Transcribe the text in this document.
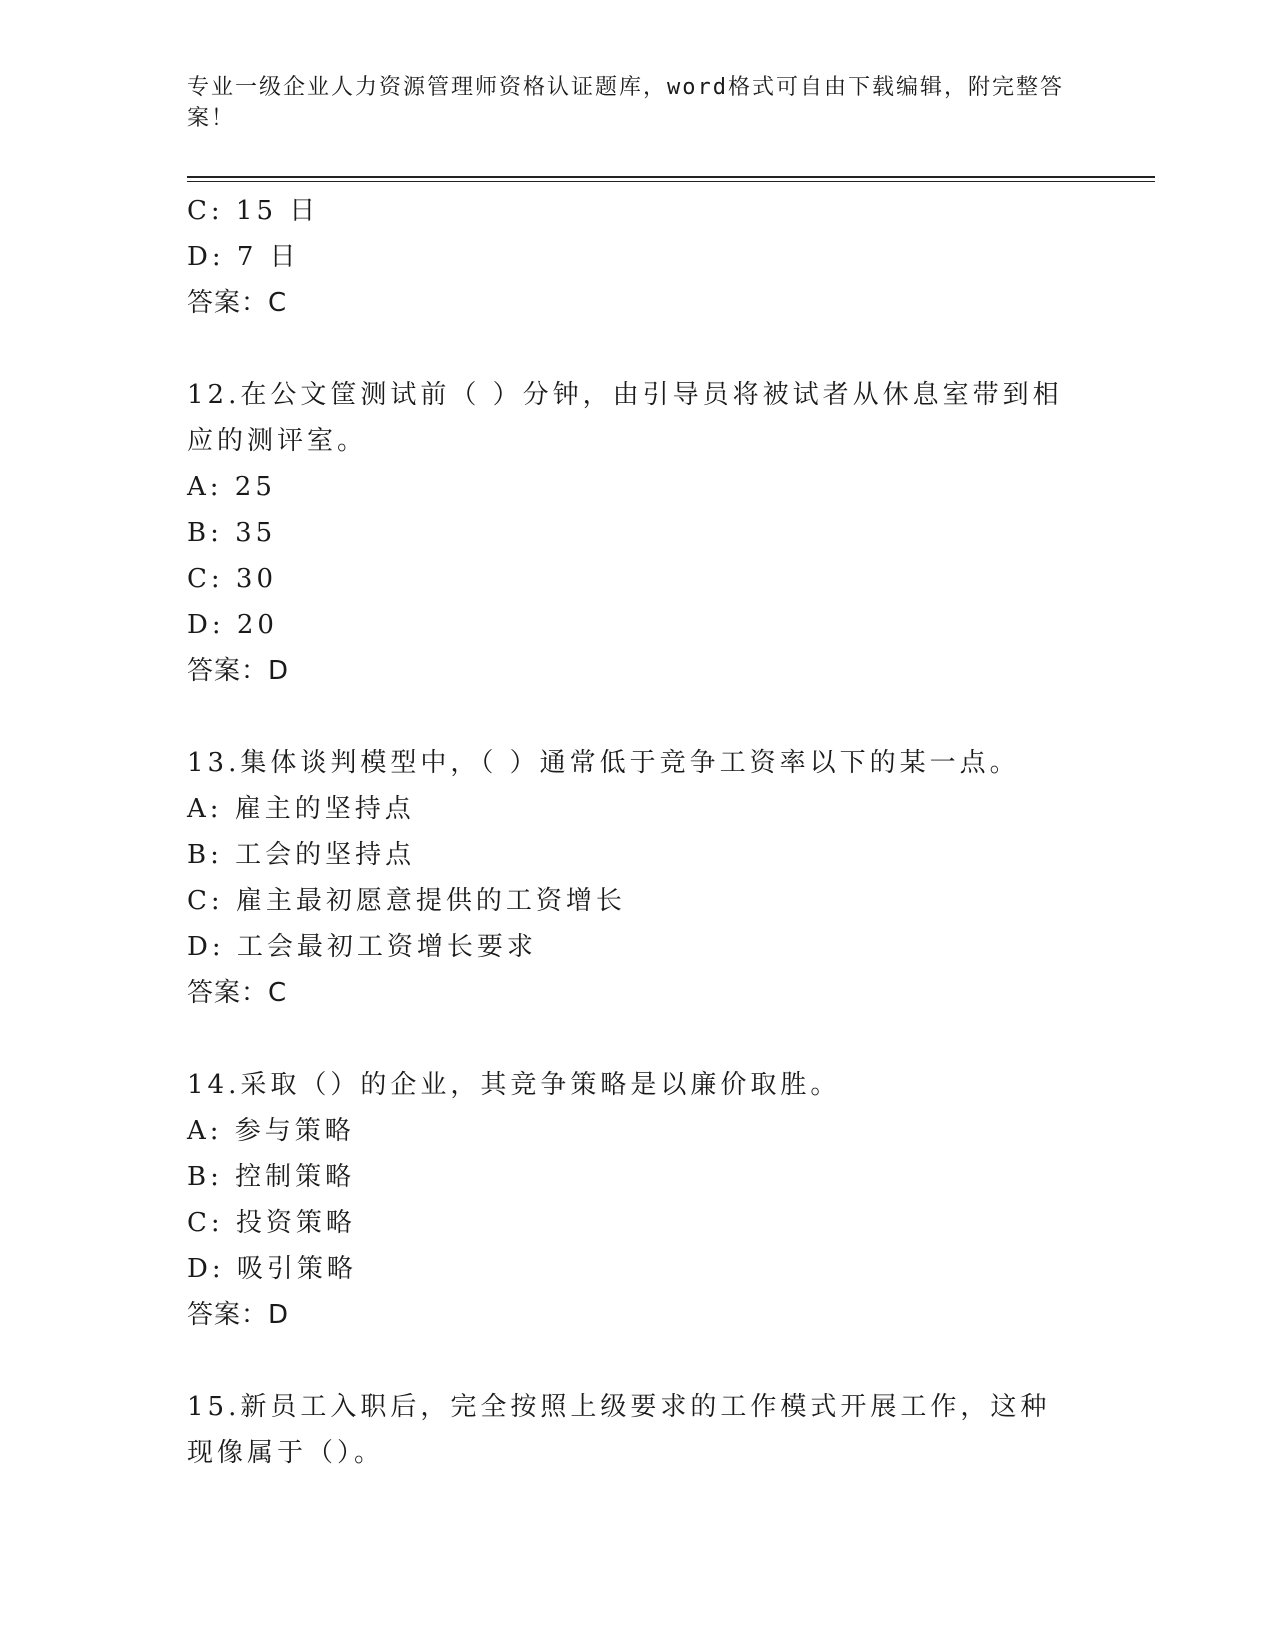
专业一级企业人力资源管理师资格认证题库，word格式可自由下载编辑，附完整答案！
C: 15 日
D: 7 日
答案：C
12.在公文筐测试前（ ）分钟，由引导员将被试者从休息室带到相应的测评室。
A: 25
B: 35
C: 30
D: 20
答案：D
13.集体谈判模型中，（ ）通常低于竞争工资率以下的某一点。
A: 雇主的坚持点
B: 工会的坚持点
C: 雇主最初愿意提供的工资增长
D: 工会最初工资增长要求
答案：C
14.采取（）的企业，其竞争策略是以廉价取胜。
A: 参与策略
B: 控制策略
C: 投资策略
D: 吸引策略
答案：D
15.新员工入职后，完全按照上级要求的工作模式开展工作，这种现像属于（）。
